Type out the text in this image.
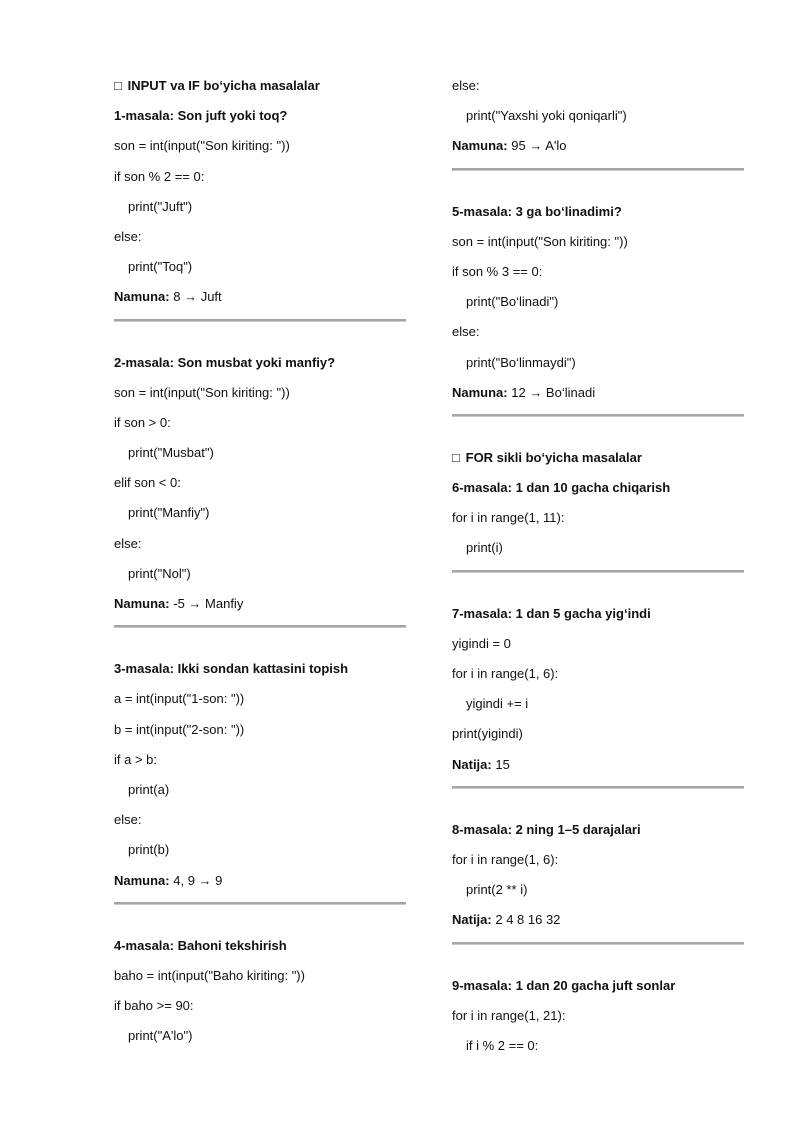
□ INPUT va IF bo‘yicha masalalar
1-masala: Son juft yoki toq?
son = int(input("Son kiriting: "))
if son % 2 == 0:
print("Juft")
else:
print("Toq")
Namuna: 8 → Juft
2-masala: Son musbat yoki manfiy?
son = int(input("Son kiriting: "))
if son > 0:
print("Musbat")
elif son < 0:
print("Manfiy")
else:
print("Nol")
Namuna: -5 → Manfiy
3-masala: Ikki sondan kattasini topish
a = int(input("1-son: "))
b = int(input("2-son: "))
if a > b:
print(a)
else:
print(b)
Namuna: 4, 9 → 9
4-masala: Bahoni tekshirish
baho = int(input("Baho kiriting: "))
if baho >= 90:
print("A'lo")
else:
print("Yaxshi yoki qoniqarli")
Namuna: 95 → A'lo
5-masala: 3 ga bo‘linadimi?
son = int(input("Son kiriting: "))
if son % 3 == 0:
print("Bo‘linadi")
else:
print("Bo‘linmaydi")
Namuna: 12 → Bo‘linadi
□ FOR sikli bo‘yicha masalalar
6-masala: 1 dan 10 gacha chiqarish
for i in range(1, 11):
print(i)
7-masala: 1 dan 5 gacha yig‘indi
yigindi = 0
for i in range(1, 6):
yigindi += i
print(yigindi)
Natija: 15
8-masala: 2 ning 1–5 darajalari
for i in range(1, 6):
print(2 ** i)
Natija: 2 4 8 16 32
9-masala: 1 dan 20 gacha juft sonlar
for i in range(1, 21):
if i % 2 == 0:
